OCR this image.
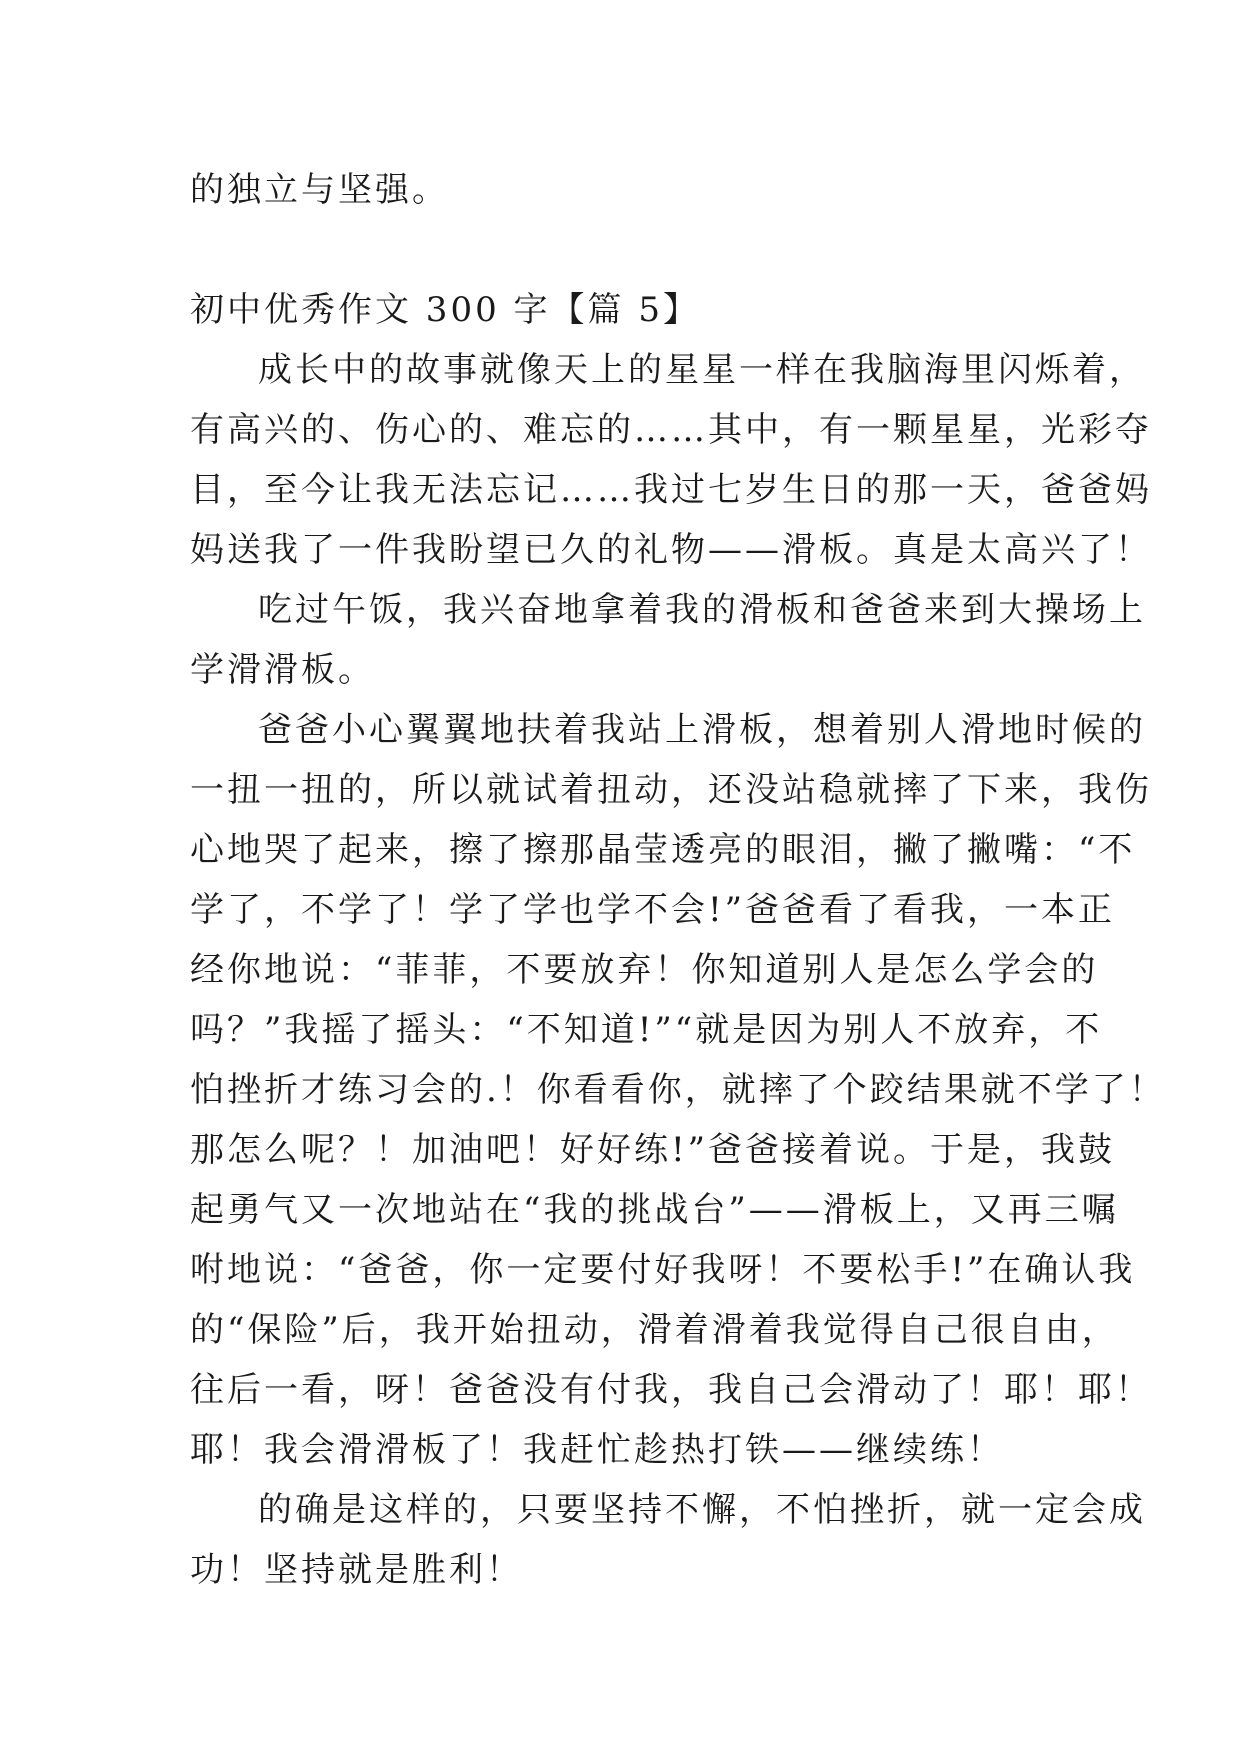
的独立与坚强。
初中优秀作文 300 字【篇 5】
成长中的故事就像天上的星星一样在我脑海里闪烁着，
有高兴的、伤心的、难忘的……其中，有一颗星星，光彩夺
目，至今让我无法忘记……我过七岁生日的那一天，爸爸妈
妈送我了一件我盼望已久的礼物——滑板。真是太高兴了！
吃过午饭，我兴奋地拿着我的滑板和爸爸来到大操场上
学滑滑板。
爸爸小心翼翼地扶着我站上滑板，想着别人滑地时候的
一扭一扭的，所以就试着扭动，还没站稳就摔了下来，我伤
心地哭了起来，擦了擦那晶莹透亮的眼泪，撇了撇嘴：“不
学了，不学了！学了学也学不会!”爸爸看了看我，一本正
经你地说：“菲菲，不要放弃！你知道别人是怎么学会的
吗？”我摇了摇头：“不知道!”“就是因为别人不放弃，不
怕挫折才练习会的.！你看看你，就摔了个跤结果就不学了！
那怎么呢？！加油吧！好好练!”爸爸接着说。于是，我鼓
起勇气又一次地站在“我的挑战台”——滑板上，又再三嘱
咐地说：“爸爸，你一定要付好我呀！不要松手!”在确认我
的“保险”后，我开始扭动，滑着滑着我觉得自己很自由，
往后一看，呀！爸爸没有付我，我自己会滑动了！耶！耶！
耶！我会滑滑板了！我赶忙趁热打铁——继续练！
的确是这样的，只要坚持不懈，不怕挫折，就一定会成
功！坚持就是胜利！
